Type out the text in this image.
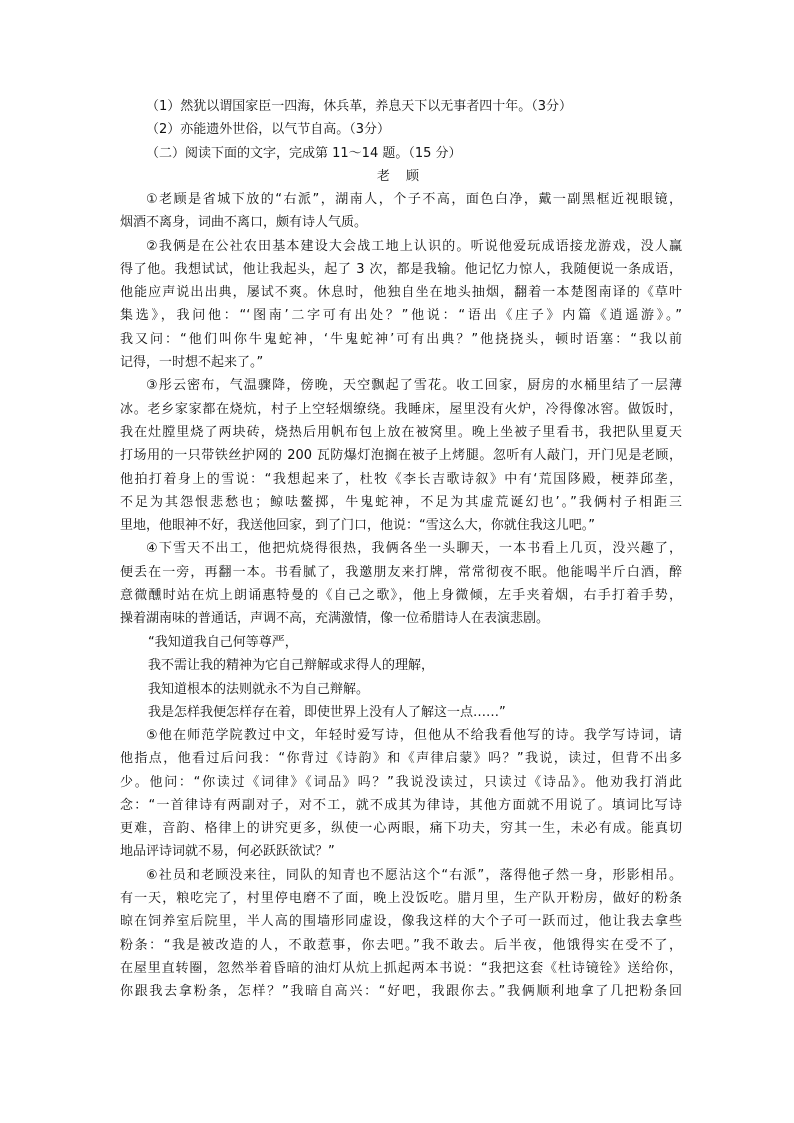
（1）然犹以谓国家臣一四海，休兵革，养息天下以无事者四十年。（3分）
（2）亦能遗外世俗，以气节自高。（3分）
（二）阅读下面的文字，完成第 11～14 题。（15 分）
老 顾
①老顾是省城下放的“右派”，湖南人，个子不高，面色白净，戴一副黑框近视眼镜，
烟酒不离身，词曲不离口，颇有诗人气质。
②我俩是在公社农田基本建设大会战工地上认识的。听说他爱玩成语接龙游戏，没人赢
得了他。我想试试，他让我起头，起了 3 次，都是我输。他记忆力惊人，我随便说一条成语，
他能应声说出出典，屡试不爽。休息时，他独自坐在地头抽烟，翻着一本楚图南译的《草叶
集选》，我问他：“‘图南’二字可有出处？”他说：“语出《庄子》内篇《逍遥游》。”
我又问：“他们叫你牛鬼蛇神，‘牛鬼蛇神’可有出典？”他挠挠头，顿时语塞：“我以前
记得，一时想不起来了。”
③彤云密布，气温骤降，傍晚，天空飘起了雪花。收工回家，厨房的水桶里结了一层薄
冰。老乡家家都在烧炕，村子上空轻烟缭绕。我睡床，屋里没有火炉，冷得像冰窖。做饭时，
我在灶膛里烧了两块砖，烧热后用帆布包上放在被窝里。晚上坐被子里看书，我把队里夏天
打场用的一只带铁丝护网的 200 瓦防爆灯泡搁在被子上烤腿。忽听有人敲门，开门见是老顾，
他拍打着身上的雪说：“我想起来了，杜牧《李长吉歌诗叙》中有‘荒国陊殿，梗莽邱垄，
不足为其怨恨悲愁也；鲸呿鳌掷，牛鬼蛇神，不足为其虚荒诞幻也’。”我俩村子相距三
里地，他眼神不好，我送他回家，到了门口，他说：“雪这么大，你就住我这儿吧。”
④下雪天不出工，他把炕烧得很热，我俩各坐一头聊天，一本书看上几页，没兴趣了，
便丢在一旁，再翻一本。书看腻了，我邀朋友来打牌，常常彻夜不眠。他能喝半斤白酒，醉
意微醺时站在炕上朗诵惠特曼的《自己之歌》，他上身微倾，左手夹着烟，右手打着手势，
操着湖南味的普通话，声调不高，充满激情，像一位希腊诗人在表演悲剧。
“我知道我自己何等尊严，
我不需让我的精神为它自己辩解或求得人的理解，
我知道根本的法则就永不为自己辩解。
我是怎样我便怎样存在着，即使世界上没有人了解这一点……”
⑤他在师范学院教过中文，年轻时爱写诗，但他从不给我看他写的诗。我学写诗词，请
他指点，他看过后问我：“你背过《诗韵》和《声律启蒙》吗？”我说，读过，但背不出多
少。他问：“你读过《词律》《词品》吗？”我说没读过，只读过《诗品》。他劝我打消此
念：“一首律诗有两副对子，对不工，就不成其为律诗，其他方面就不用说了。填词比写诗
更难，音韵、格律上的讲究更多，纵使一心两眼，痛下功夫，穷其一生，未必有成。能真切
地品评诗词就不易，何必跃跃欲试？”
⑥社员和老顾没来往，同队的知青也不愿沾这个“右派”，落得他孑然一身，形影相吊。
有一天，粮吃完了，村里停电磨不了面，晚上没饭吃。腊月里，生产队开粉房，做好的粉条
晾在饲养室后院里，半人高的围墙形同虚设，像我这样的大个子可一跃而过，他让我去拿些
粉条：“我是被改造的人，不敢惹事，你去吧。”我不敢去。后半夜，他饿得实在受不了，
在屋里直转圈，忽然举着昏暗的油灯从炕上抓起两本书说：“我把这套《杜诗镜铨》送给你，
你跟我去拿粉条，怎样？”我暗自高兴：“好吧，我跟你去。”我俩顺利地拿了几把粉条回
